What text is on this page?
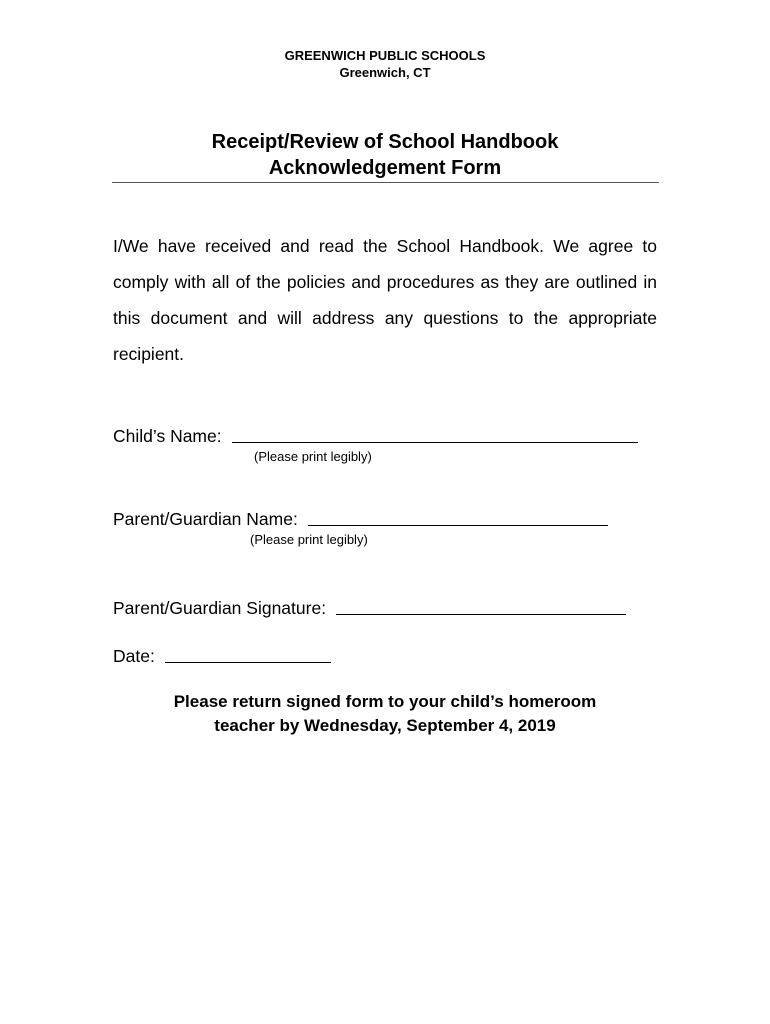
GREENWICH PUBLIC SCHOOLS
Greenwich, CT
Receipt/Review of School Handbook
Acknowledgement Form
I/We have received and read the School Handbook. We agree to comply with all of the policies and procedures as they are outlined in this document and will address any questions to the appropriate recipient.
Child’s Name:
(Please print legibly)
Parent/Guardian Name:
(Please print legibly)
Parent/Guardian Signature:
Date:
Please return signed form to your child’s homeroom
teacher by Wednesday, September 4, 2019
